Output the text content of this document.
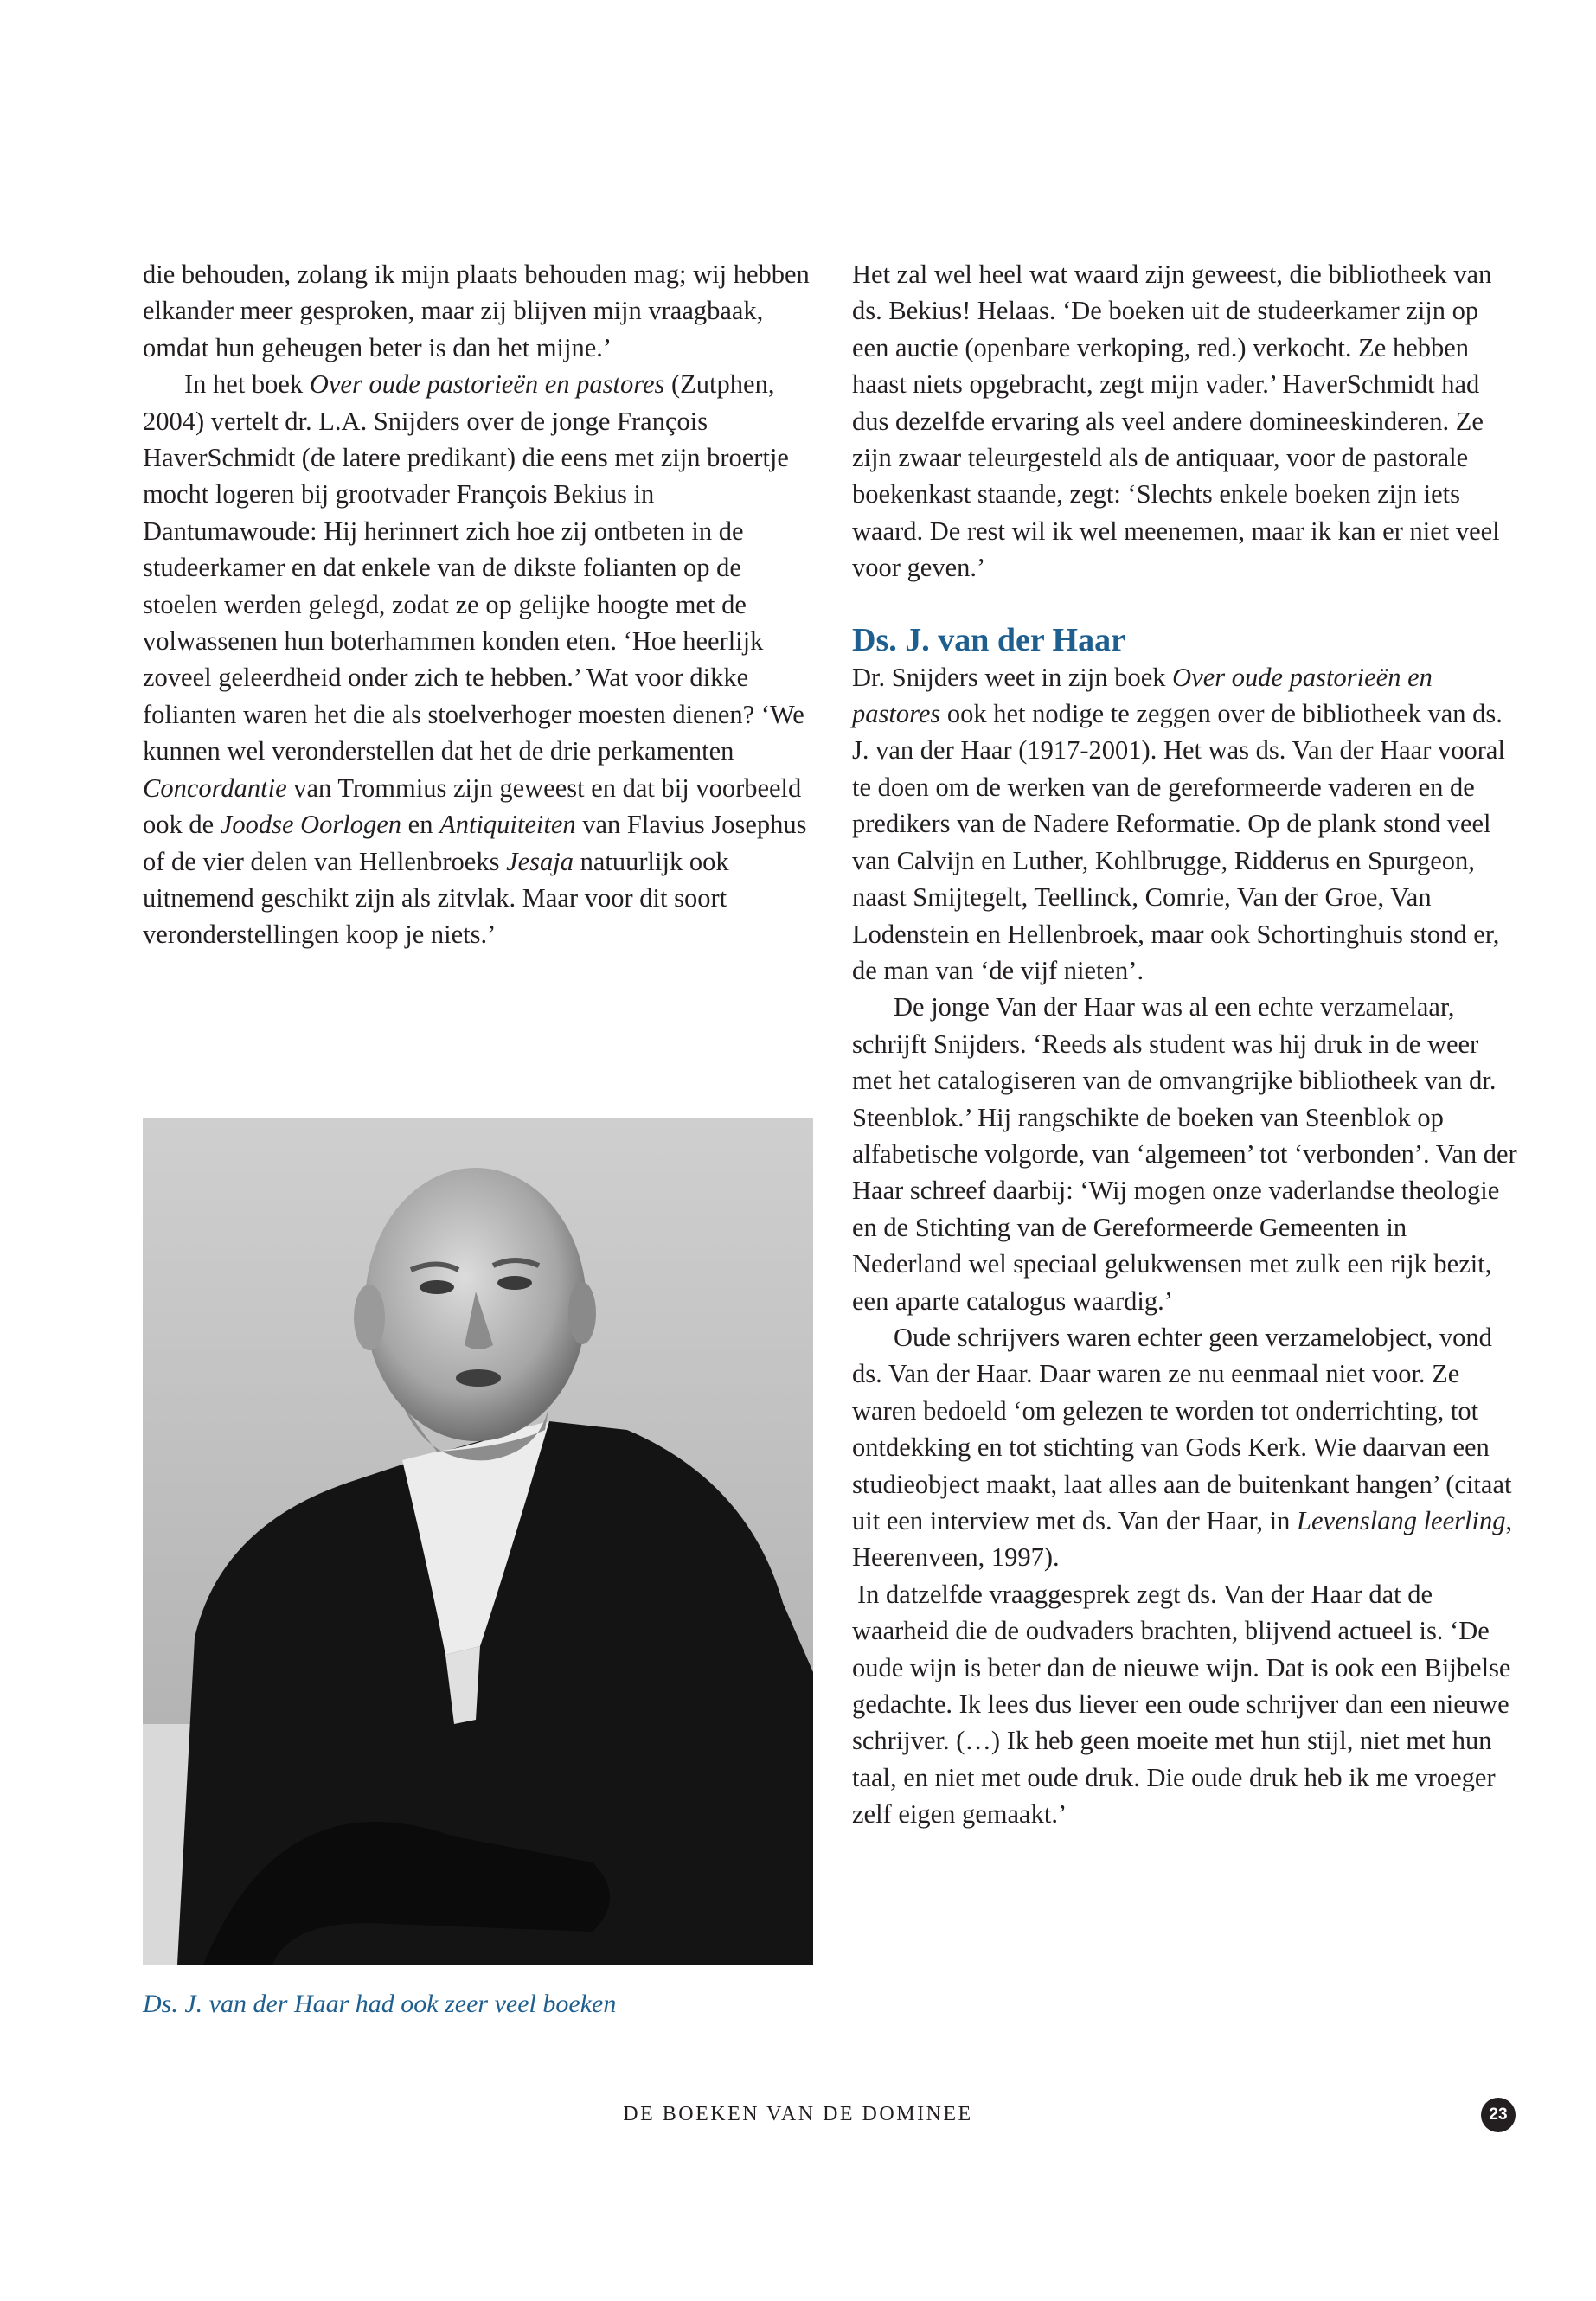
die behouden, zolang ik mijn plaats behouden mag; wij hebben elkander meer gesproken, maar zij blijven mijn vraagbaak, omdat hun geheugen beter is dan het mijne.’

In het boek Over oude pastorieën en pastores (Zutphen, 2004) vertelt dr. L.A. Snijders over de jonge François HaverSchmidt (de latere predikant) die eens met zijn broertje mocht logeren bij grootvader François Bekius in Dantumawoude: Hij herinnert zich hoe zij ontbeten in de studeerkamer en dat enkele van de dikste folianten op de stoelen werden gelegd, zodat ze op gelijke hoogte met de volwassenen hun boterhammen konden eten. ‘Hoe heerlijk zoveel geleerdheid onder zich te hebben.’ Wat voor dikke folianten waren het die als stoelverhoger moesten dienen? ‘We kunnen wel veronderstellen dat het de drie perkamenten Concordantie van Trommius zijn geweest en dat bij voorbeeld ook de Joodse Oorlogen en Antiquiteiten van Flavius Josephus of de vier delen van Hellenbroeks Jesaja natuurlijk ook uitnemend geschikt zijn als zitvlak. Maar voor dit soort veronderstellingen koop je niets.’

Ds. J. van der Haar had ook zeer veel boeken

Het zal wel heel wat waard zijn geweest, die bibliotheek van ds. Bekius! Helaas. ‘De boeken uit de studeerkamer zijn op een auctie (openbare verkoping, red.) verkocht. Ze hebben haast niets opgebracht, zegt mijn vader.’ HaverSchmidt had dus dezelfde ervaring als veel andere domineeskinderen. Ze zijn zwaar teleurgesteld als de antiquaar, voor de pastorale boekenkast staande, zegt: ‘Slechts enkele boeken zijn iets waard. De rest wil ik wel meenemen, maar ik kan er niet veel voor geven.’

Ds. J. van der Haar

Dr. Snijders weet in zijn boek Over oude pastorieën en pastores ook het nodige te zeggen over de bibliotheek van ds. J. van der Haar (1917-2001). Het was ds. Van der Haar vooral te doen om de werken van de gereformeerde vaderen en de predikers van de Nadere Reformatie. Op de plank stond veel van Calvijn en Luther, Kohlbrugge, Ridderus en Spurgeon, naast Smijtegelt, Teellinck, Comrie, Van der Groe, Van Lodenstein en Hellenbroek, maar ook Schortinghuis stond er, de man van ‘de vijf nieten’.

De jonge Van der Haar was al een echte verzamelaar, schrijft Snijders. ‘Reeds als student was hij druk in de weer met het catalogiseren van de omvangrijke bibliotheek van dr. Steenblok.’ Hij rangschikte de boeken van Steenblok op alfabetische volgorde, van ‘algemeen’ tot ‘verbonden’. Van der Haar schreef daarbij: ‘Wij mogen onze vaderlandse theologie en de Stichting van de Gereformeerde Gemeenten in Nederland wel speciaal gelukwensen met zulk een rijk bezit, een aparte catalogus waardig.’

Oude schrijvers waren echter geen verzamelobject, vond ds. Van der Haar. Daar waren ze nu eenmaal niet voor. Ze waren bedoeld ‘om gelezen te worden tot onderrichting, tot ontdekking en tot stichting van Gods Kerk. Wie daarvan een studieobject maakt, laat alles aan de buitenkant hangen’ (citaat uit een interview met ds. Van der Haar, in Levenslang leerling, Heerenveen, 1997).

In datzelfde vraaggesprek zegt ds. Van der Haar dat de waarheid die de oudvaders brachten, blijvend actueel is. ‘De oude wijn is beter dan de nieuwe wijn. Dat is ook een Bijbelse gedachte. Ik lees dus liever een oude schrijver dan een nieuwe schrijver. (…) Ik heb geen moeite met hun stijl, niet met hun taal, en niet met oude druk. Die oude druk heb ik me vroeger zelf eigen gemaakt.’

DE BOEKEN VAN DE DOMINEE	23
